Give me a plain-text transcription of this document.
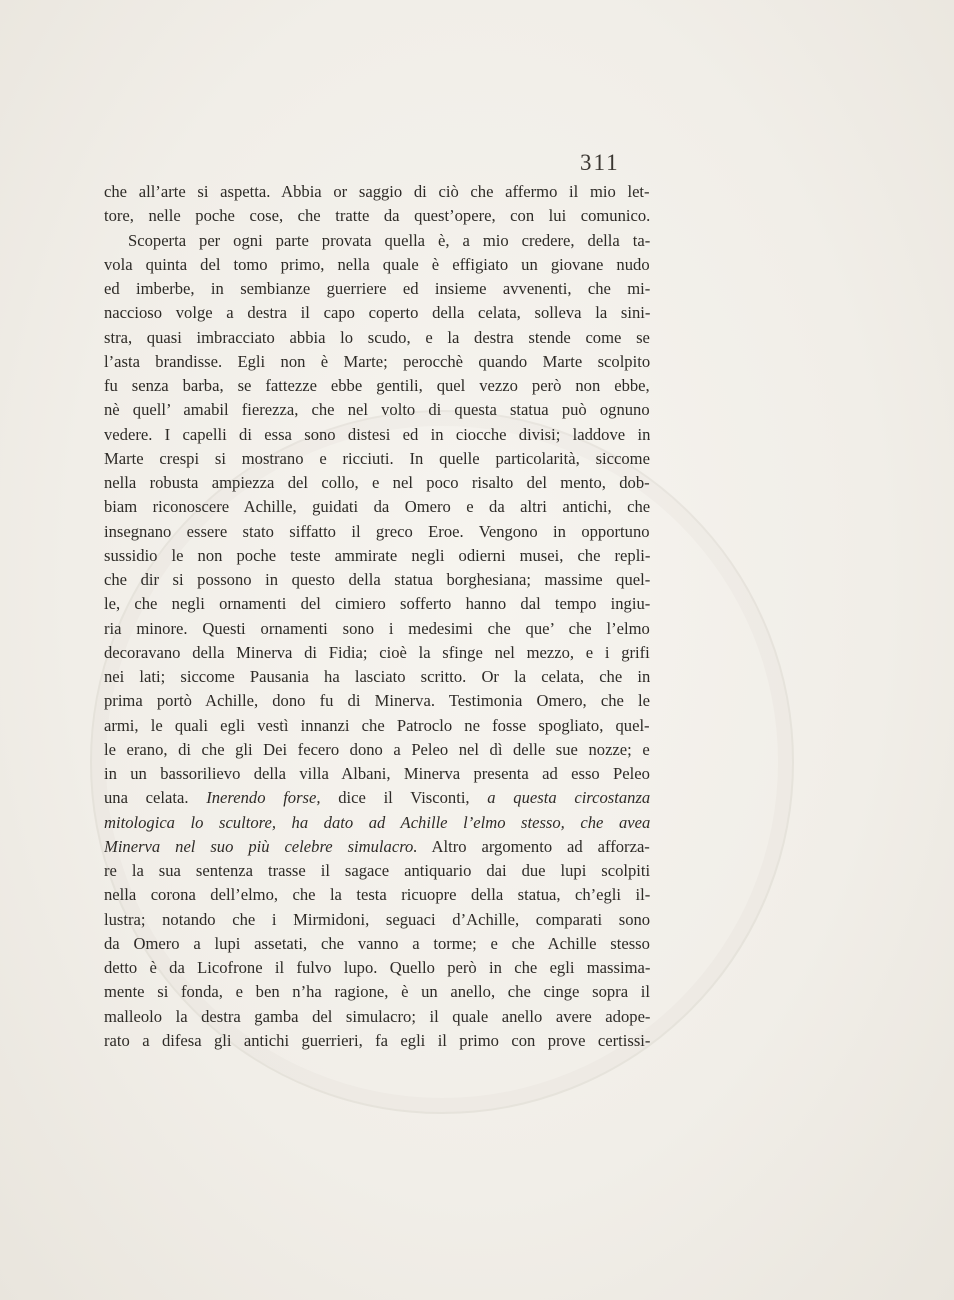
311
che all’arte si aspetta. Abbia or saggio di ciò che affermo il mio let-
tore, nelle poche cose, che tratte da quest’opere, con lui comunico.
Scoperta per ogni parte provata quella è, a mio credere, della ta-
vola quinta del tomo primo, nella quale è effigiato un giovane nudo
ed imberbe, in sembianze guerriere ed insieme avvenenti, che mi-
naccioso volge a destra il capo coperto della celata, solleva la sini-
stra, quasi imbracciato abbia lo scudo, e la destra stende come se
l’asta brandisse. Egli non è Marte; perocchè quando Marte scolpito
fu senza barba, se fattezze ebbe gentili, quel vezzo però non ebbe,
nè quell’ amabil fierezza, che nel volto di questa statua può ognuno
vedere. I capelli di essa sono distesi ed in ciocche divisi; laddove in
Marte crespi si mostrano e ricciuti. In quelle particolarità, siccome
nella robusta ampiezza del collo, e nel poco risalto del mento, dob-
biam riconoscere Achille, guidati da Omero e da altri antichi, che
insegnano essere stato siffatto il greco Eroe. Vengono in opportuno
sussidio le non poche teste ammirate negli odierni musei, che repli-
che dir si possono in questo della statua borghesiana; massime quel-
le, che negli ornamenti del cimiero sofferto hanno dal tempo ingiu-
ria minore. Questi ornamenti sono i medesimi che que’ che l’elmo
decoravano della Minerva di Fidia; cioè la sfinge nel mezzo, e i grifi
nei lati; siccome Pausania ha lasciato scritto. Or la celata, che in
prima portò Achille, dono fu di Minerva. Testimonia Omero, che le
armi, le quali egli vestì innanzi che Patroclo ne fosse spogliato, quel-
le erano, di che gli Dei fecero dono a Peleo nel dì delle sue nozze; e
in un bassorilievo della villa Albani, Minerva presenta ad esso Peleo
una celata. Inerendo forse, dice il Visconti, a questa circostanza
mitologica lo scultore, ha dato ad Achille l’elmo stesso, che avea
Minerva nel suo più celebre simulacro. Altro argomento ad afforza-
re la sua sentenza trasse il sagace antiquario dai due lupi scolpiti
nella corona dell’elmo, che la testa ricuopre della statua, ch’egli il-
lustra; notando che i Mirmidoni, seguaci d’Achille, comparati sono
da Omero a lupi assetati, che vanno a torme; e che Achille stesso
detto è da Licofrone il fulvo lupo. Quello però in che egli massima-
mente si fonda, e ben n’ha ragione, è un anello, che cinge sopra il
malleolo la destra gamba del simulacro; il quale anello avere adope-
rato a difesa gli antichi guerrieri, fa egli il primo con prove certissi-
